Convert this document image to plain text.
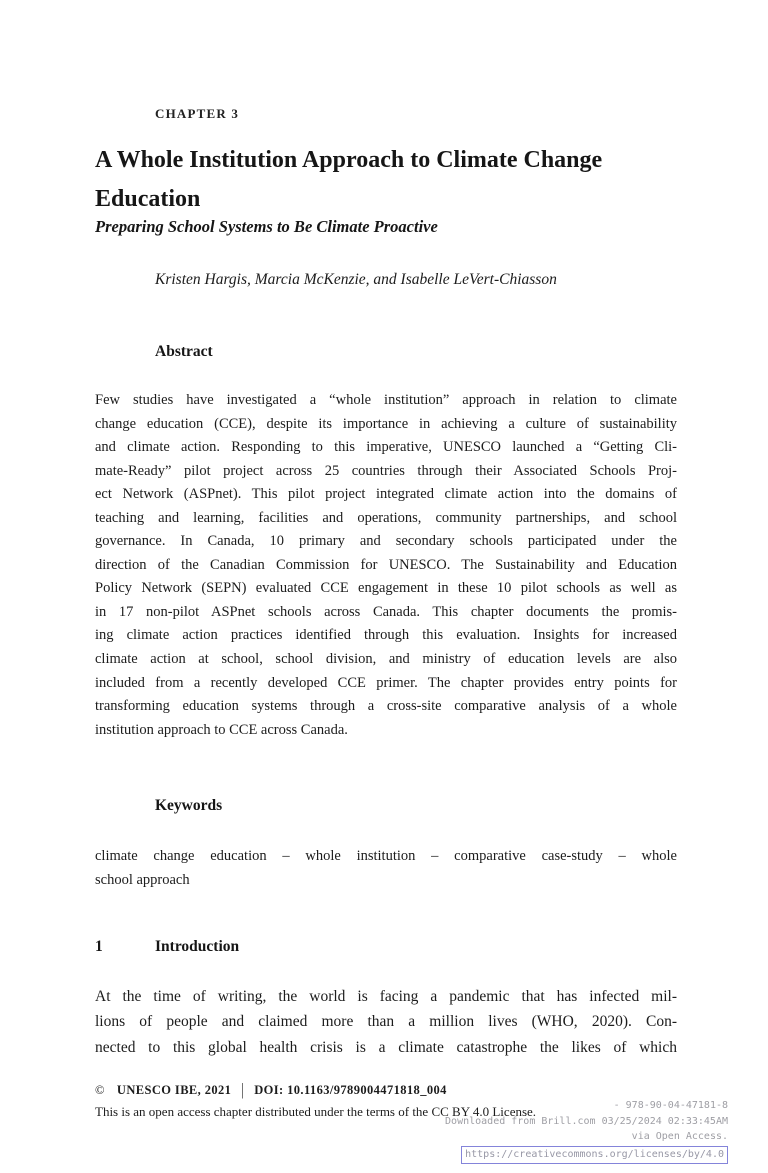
CHAPTER 3
A Whole Institution Approach to Climate Change
Education
Preparing School Systems to Be Climate Proactive
Kristen Hargis, Marcia McKenzie, and Isabelle LeVert-Chiasson
Abstract
Few studies have investigated a “whole institution” approach in relation to climate
change education (CCE), despite its importance in achieving a culture of sustainability
and climate action. Responding to this imperative, UNESCO launched a “Getting Cli-
mate-Ready” pilot project across 25 countries through their Associated Schools Proj-
ect Network (ASPnet). This pilot project integrated climate action into the domains of
teaching and learning, facilities and operations, community partnerships, and school
governance. In Canada, 10 primary and secondary schools participated under the
direction of the Canadian Commission for UNESCO. The Sustainability and Education
Policy Network (SEPN) evaluated CCE engagement in these 10 pilot schools as well as
in 17 non-pilot ASPnet schools across Canada. This chapter documents the promis-
ing climate action practices identified through this evaluation. Insights for increased
climate action at school, school division, and ministry of education levels are also
included from a recently developed CCE primer. The chapter provides entry points for
transforming education systems through a cross-site comparative analysis of a whole
institution approach to CCE across Canada.
Keywords
climate change education – whole institution – comparative case-study – whole
school approach
1	Introduction
At the time of writing, the world is facing a pandemic that has infected mil-
lions of people and claimed more than a million lives (WHO, 2020). Con-
nected to this global health crisis is a climate catastrophe the likes of which
© UNESCO IBE, 2021 | DOI: 10.1163/9789004471818_004
This is an open access chapter distributed under the terms of the CC BY 4.0 License.	- 978-90-04-47181-8
Downloaded from Brill.com 03/25/2024 02:33:45AM
via Open Access.
https://creativecommons.org/licenses/by/4.0
